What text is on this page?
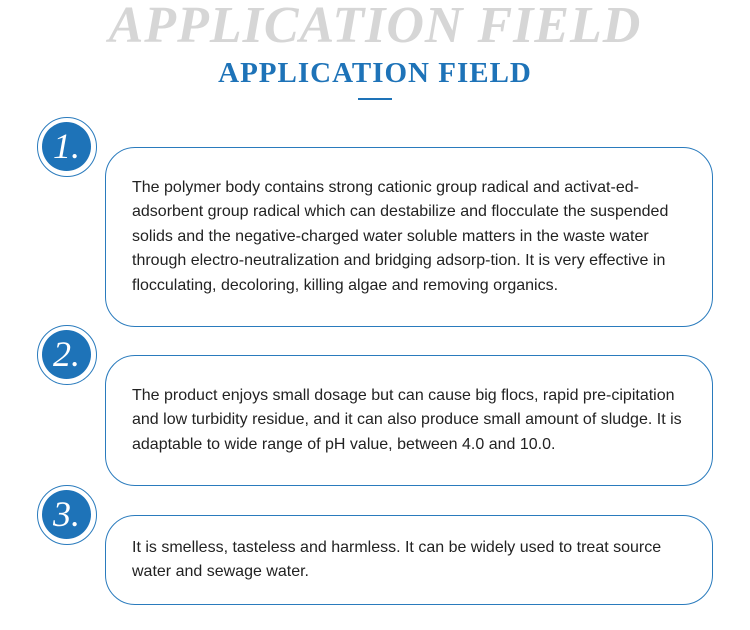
APPLICATION FIELD
APPLICATION FIELD
The polymer body contains strong cationic group radical and activat-ed-adsorbent group radical which can destabilize and flocculate the suspended solids and the negative-charged water soluble matters in the waste water through electro-neutralization and bridging adsorp-tion. It is very effective in flocculating, decoloring, killing algae and removing organics.
1.
The product enjoys small dosage but can cause big flocs, rapid pre-cipitation and low turbidity residue, and it can also produce small amount of sludge. It is adaptable to wide range of pH value, between 4.0 and 10.0.
2.
It is smelless, tasteless and harmless. It can be widely used to treat source water and sewage water.
3.
